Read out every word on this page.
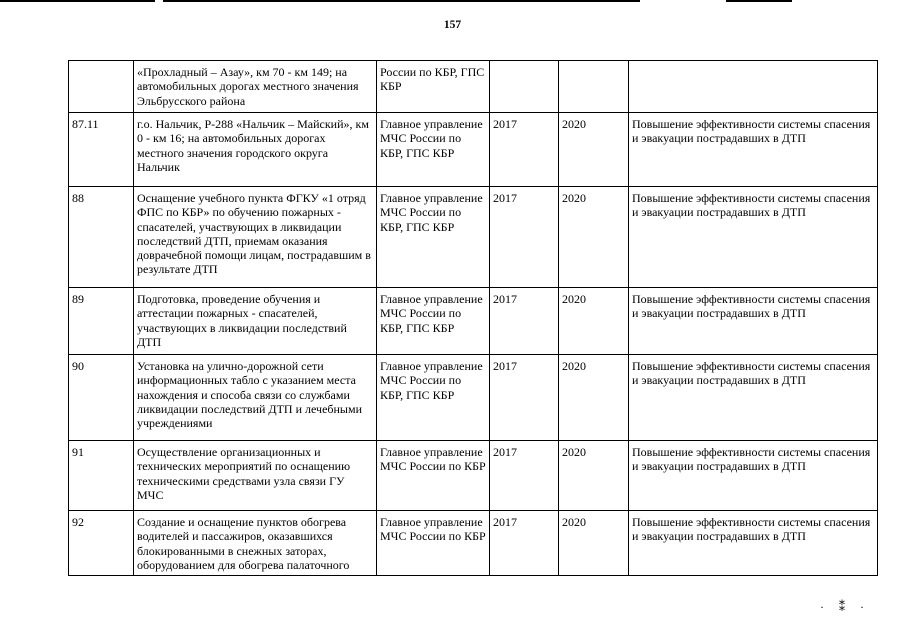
157
	«Прохладный – Азау», км 70 - км 149; на автомобильных дорогах местного значения Эльбрусского района	России по КБР, ГПС КБР			
87.11	г.о. Нальчик, Р-288 «Нальчик – Майский», км 0 - км 16; на автомобильных дорогах местного значения городского округа Нальчик	Главное управление МЧС России по КБР, ГПС КБР	2017	2020	Повышение эффективности системы спасения и эвакуации пострадавших в ДТП
88	Оснащение учебного пункта ФГКУ «1 отряд ФПС по КБР» по обучению пожарных - спасателей, участвующих в ликвидации последствий ДТП, приемам оказания доврачебной помощи лицам, пострадавшим в результате ДТП	Главное управление МЧС России по КБР, ГПС КБР	2017	2020	Повышение эффективности системы спасения и эвакуации пострадавших в ДТП
89	Подготовка, проведение обучения и аттестации пожарных - спасателей, участвующих в ликвидации последствий ДТП	Главное управление МЧС России по КБР, ГПС КБР	2017	2020	Повышение эффективности системы спасения и эвакуации пострадавших в ДТП
90	Установка на улично-дорожной сети информационных табло с указанием места нахождения и способа связи со службами ликвидации последствий ДТП и лечебными учреждениями	Главное управление МЧС России по КБР, ГПС КБР	2017	2020	Повышение эффективности системы спасения и эвакуации пострадавших в ДТП
91	Осуществление организационных и технических мероприятий по оснащению техническими средствами узла связи ГУ МЧС	Главное управление МЧС России по КБР	2017	2020	Повышение эффективности системы спасения и эвакуации пострадавших в ДТП
92	Создание и оснащение пунктов обогрева водителей и пассажиров, оказавшихся блокированными в снежных заторах, оборудованием для обогрева палаточного	Главное управление МЧС России по КБР	2017	2020	Повышение эффективности системы спасения и эвакуации пострадавших в ДТП
· ⁑ ·
